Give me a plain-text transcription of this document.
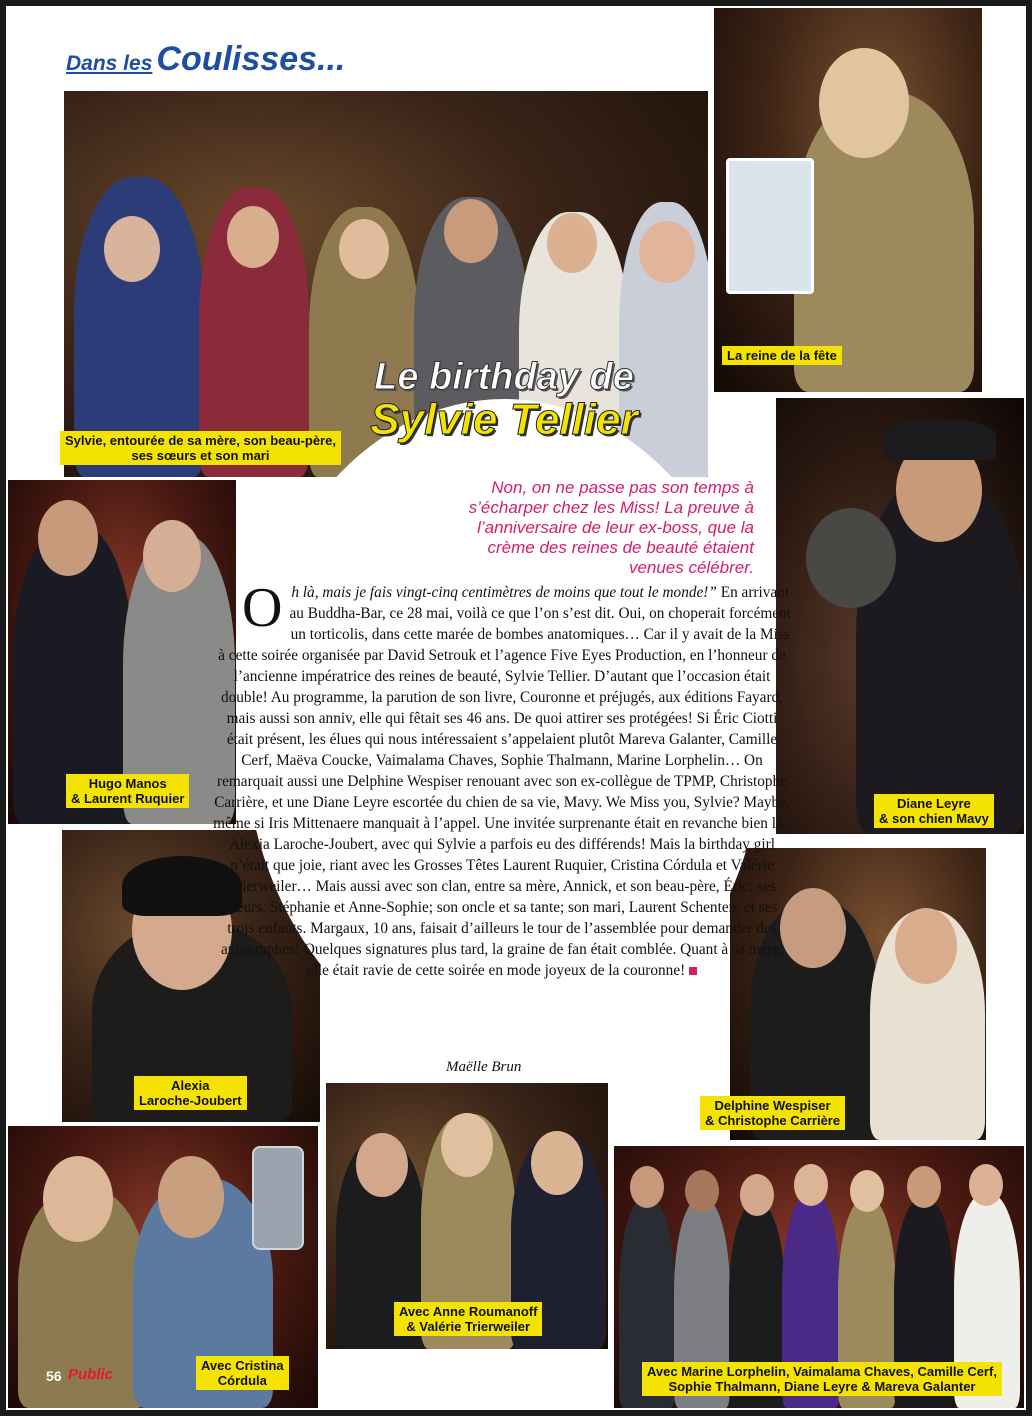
Dans les Coulisses...
Sylvie, entourée de sa mère, son beau-père,
ses sœurs et son mari
La reine de la fête
Hugo Manos
& Laurent Ruquier	Diane Leyre
& son chien Mavy
Alexia
Laroche-Joubert	Delphine Wespiser
& Christophe Carrière
Avec Cristina
Córdula
Avec Anne Roumanoff
& Valérie Trierweiler
Avec Marine Lorphelin, Vaimalama Chaves, Camille Cerf,
Sophie Thalmann, Diane Leyre & Mareva Galanter
Le birthday de
Sylvie Tellier
Non, on ne passe pas son temps à s’écharper chez les Miss! La preuve à l’anniversaire de leur ex-boss, que la crème des reines de beauté étaient venues célébrer.
O h là, mais je fais vingt-cinq centimètres de moins que tout le monde!” En arrivant au Buddha-Bar, ce 28 mai, voilà ce que l’on s’est dit. Oui, on choperait forcément un torticolis, dans cette marée de bombes anatomiques… Car il y avait de la Miss à cette soirée organisée par David Setrouk et l’agence Five Eyes Production, en l’honneur de l’ancienne impératrice des reines de beauté, Sylvie Tellier. D’autant que l’occasion était double! Au programme, la parution de son livre, Couronne et préjugés, aux éditions Fayard, mais aussi son anniv, elle qui fêtait ses 46 ans. De quoi attirer ses protégées! Si Éric Ciotti était présent, les élues qui nous intéressaient s’appelaient plutôt Mareva Galanter, Camille Cerf, Maëva Coucke, Vaimalama Chaves, Sophie Thalmann, Marine Lorphelin… On remarquait aussi une Delphine Wespiser renouant avec son ex-collègue de TPMP, Christophe Carrière, et une Diane Leyre escortée du chien de sa vie, Mavy. We Miss you, Sylvie? Maybe, même si Iris Mittenaere manquait à l’appel. Une invitée surprenante était en revanche bien là : Alexia Laroche-Joubert, avec qui Sylvie a parfois eu des différends! Mais la birthday girl n’était que joie, riant avec les Grosses Têtes Laurent Ruquier, Cristina Córdula et Valérie Trierweiler… Mais aussi avec son clan, entre sa mère, Annick, et son beau-père, Éric; ses sœurs, Stéphanie et Anne-Sophie; son oncle et sa tante; son mari, Laurent Schenten, et ses trois enfants. Margaux, 10 ans, faisait d’ailleurs le tour de l’assemblée pour demander des autographes! Quelques signatures plus tard, la graine de fan était comblée. Quant à sa mère, elle était ravie de cette soirée en mode joyeux de la couronne!

Maëlle Brun
56 Public
